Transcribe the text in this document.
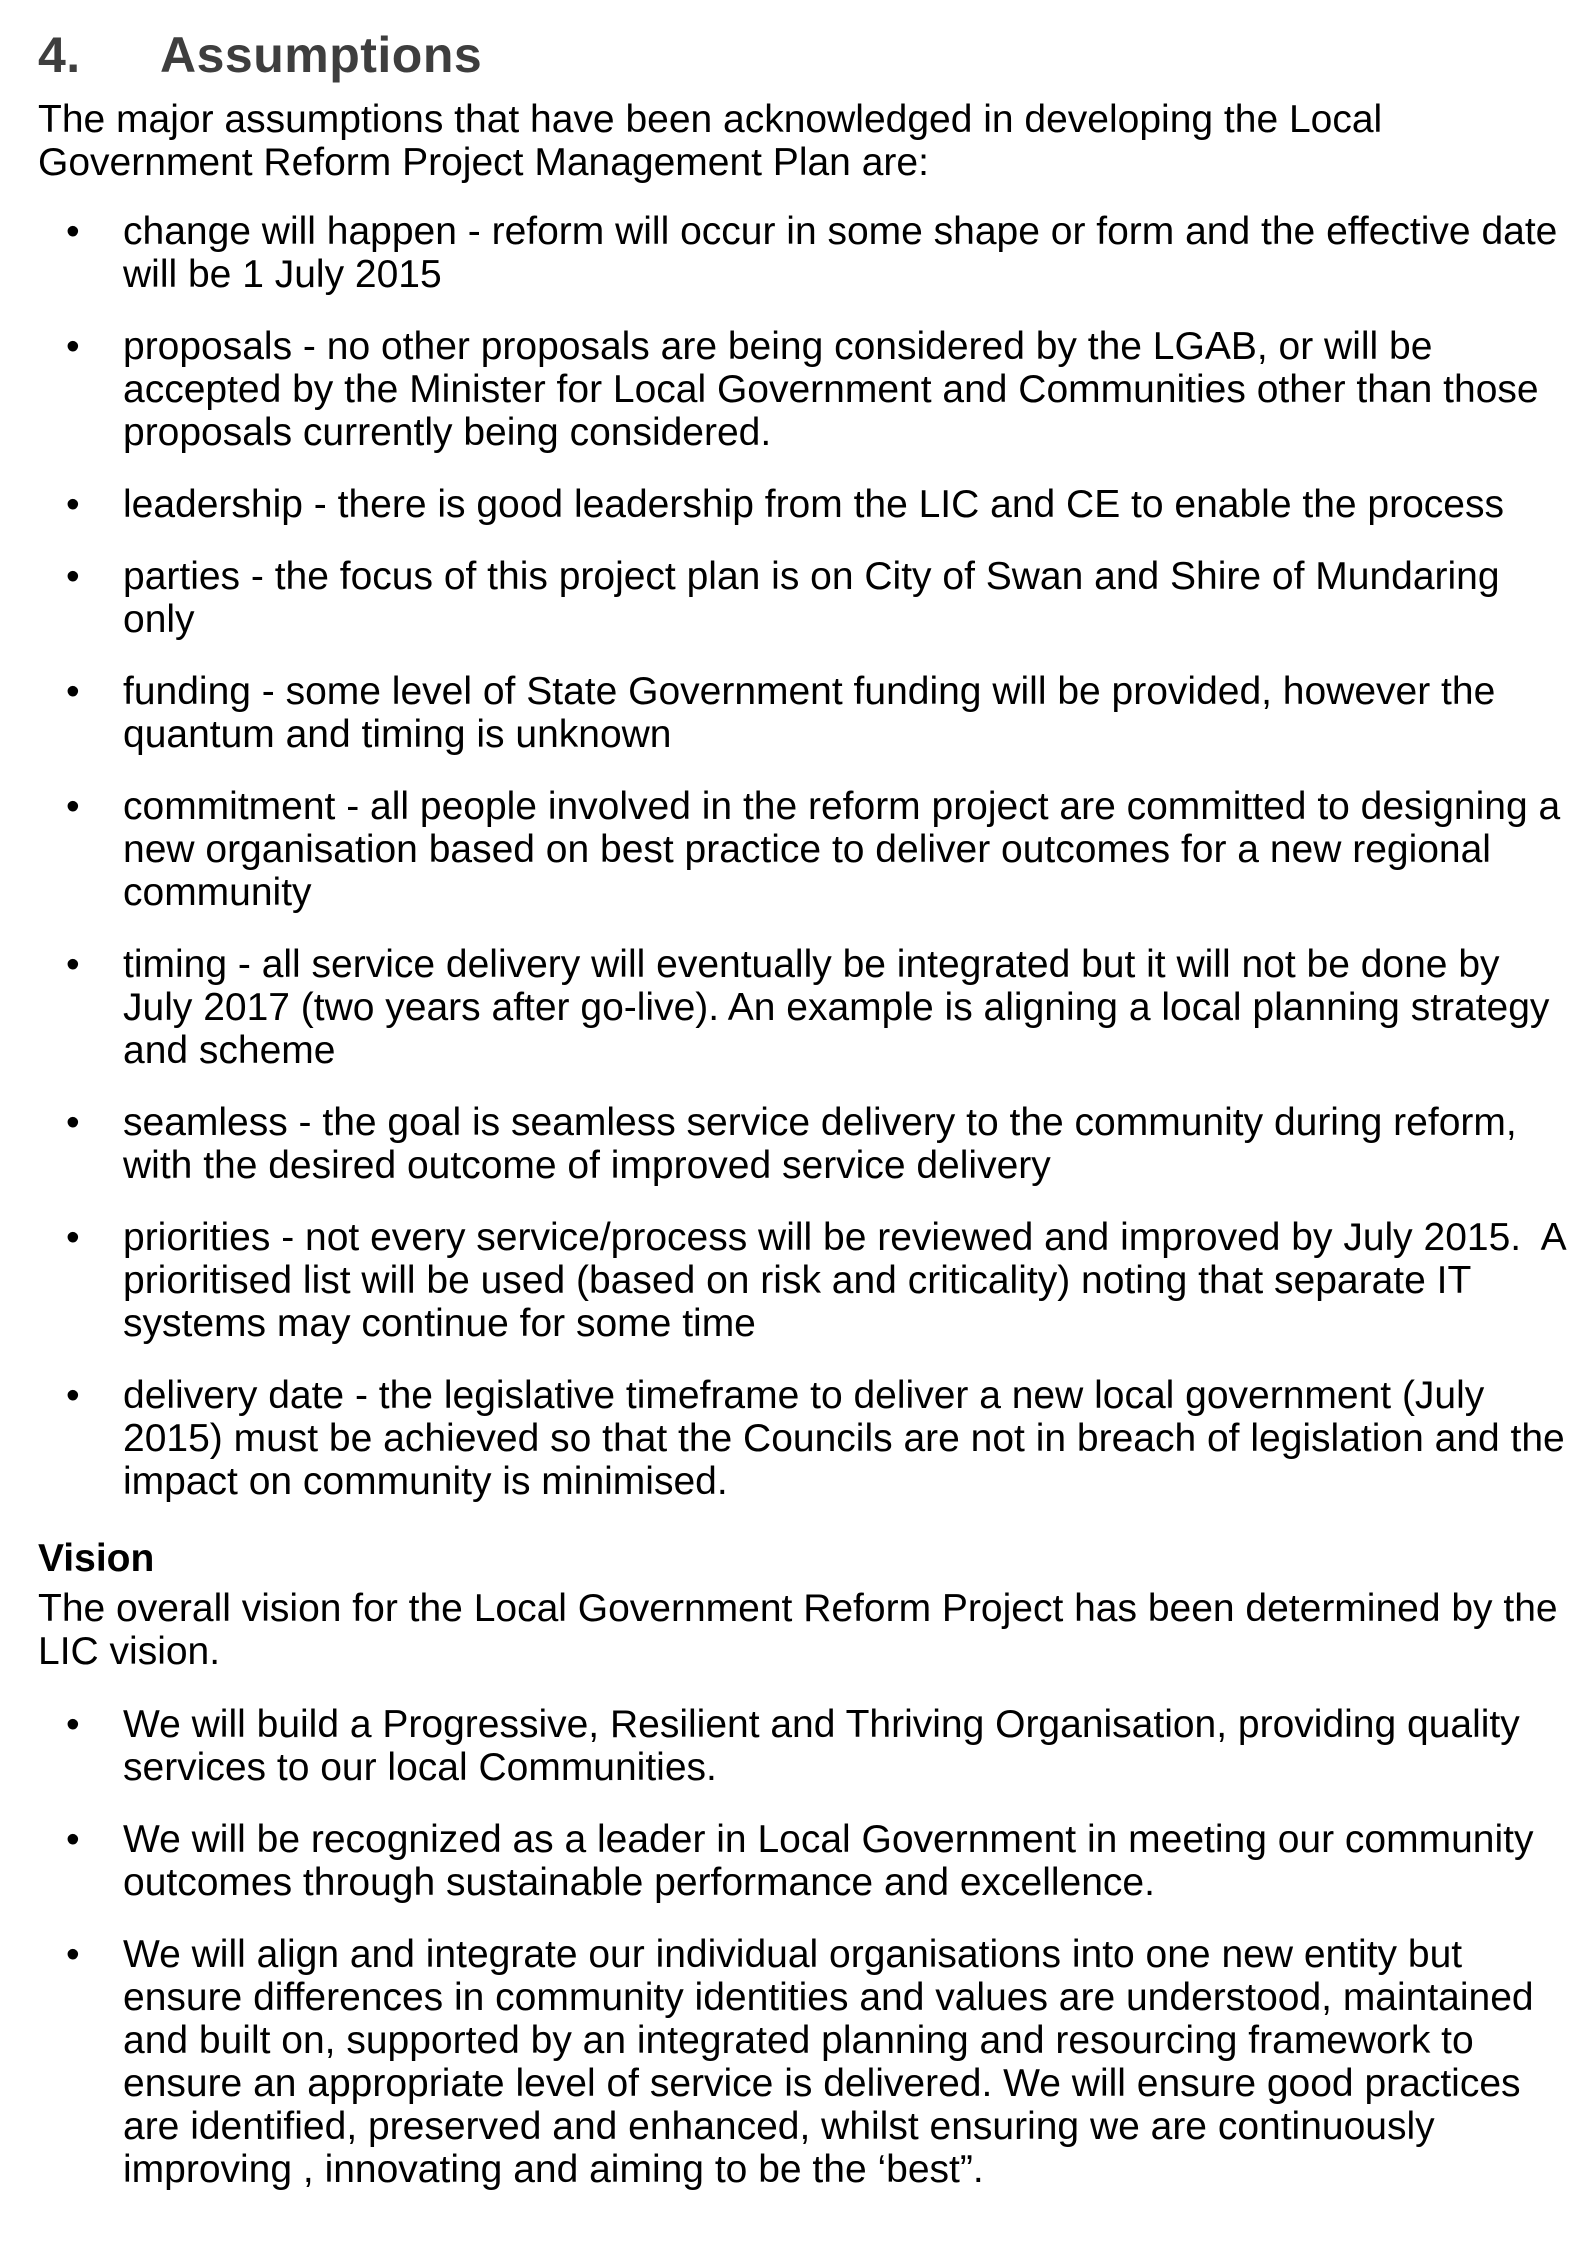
4. Assumptions

The major assumptions that have been acknowledged in developing the Local Government Reform Project Management Plan are:

• change will happen - reform will occur in some shape or form and the effective date will be 1 July 2015
• proposals - no other proposals are being considered by the LGAB, or will be accepted by the Minister for Local Government and Communities other than those proposals currently being considered.
• leadership - there is good leadership from the LIC and CE to enable the process
• parties - the focus of this project plan is on City of Swan and Shire of Mundaring only
• funding - some level of State Government funding will be provided, however the quantum and timing is unknown
• commitment - all people involved in the reform project are committed to designing a new organisation based on best practice to deliver outcomes for a new regional community
• timing - all service delivery will eventually be integrated but it will not be done by July 2017 (two years after go-live). An example is aligning a local planning strategy and scheme
• seamless - the goal is seamless service delivery to the community during reform, with the desired outcome of improved service delivery
• priorities - not every service/process will be reviewed and improved by July 2015.  A prioritised list will be used (based on risk and criticality) noting that separate IT systems may continue for some time
• delivery date - the legislative timeframe to deliver a new local government (July 2015) must be achieved so that the Councils are not in breach of legislation and the impact on community is minimised.
Vision

The overall vision for the Local Government Reform Project has been determined by the LIC vision.

• We will build a Progressive, Resilient and Thriving Organisation, providing quality services to our local Communities.
• We will be recognized as a leader in Local Government in meeting our community outcomes through sustainable performance and excellence.
• We will align and integrate our individual organisations into one new entity but ensure differences in community identities and values are understood, maintained and built on, supported by an integrated planning and resourcing framework to ensure an appropriate level of service is delivered. We will ensure good practices are identified, preserved and enhanced, whilst ensuring we are continuously improving , innovating and aiming to be the ‘best”.
